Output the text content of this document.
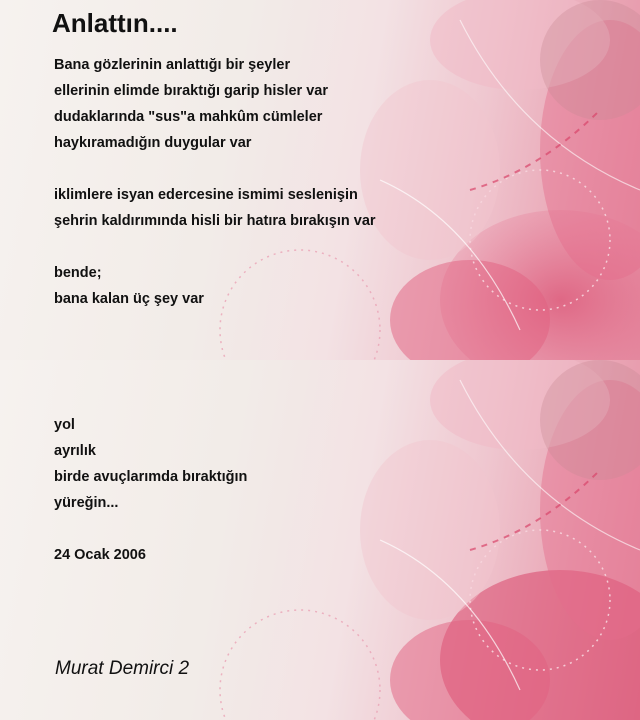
Anlattın....

Bana gözlerinin anlattığı bir şeyler
ellerinin elimde bıraktığı garip hisler var
dudaklarında "sus"a mahkûm cümleler
haykıramadığın duygular var

iklimlere isyan edercesine ismimi seslenişin
şehrin kaldırımında hisli bir hatıra bırakışın var

bende;
bana kalan üç şey var

yol
ayrılık
birde avuçlarımda bıraktığın
yüreğin...

24 Ocak 2006

Murat Demirci 2
